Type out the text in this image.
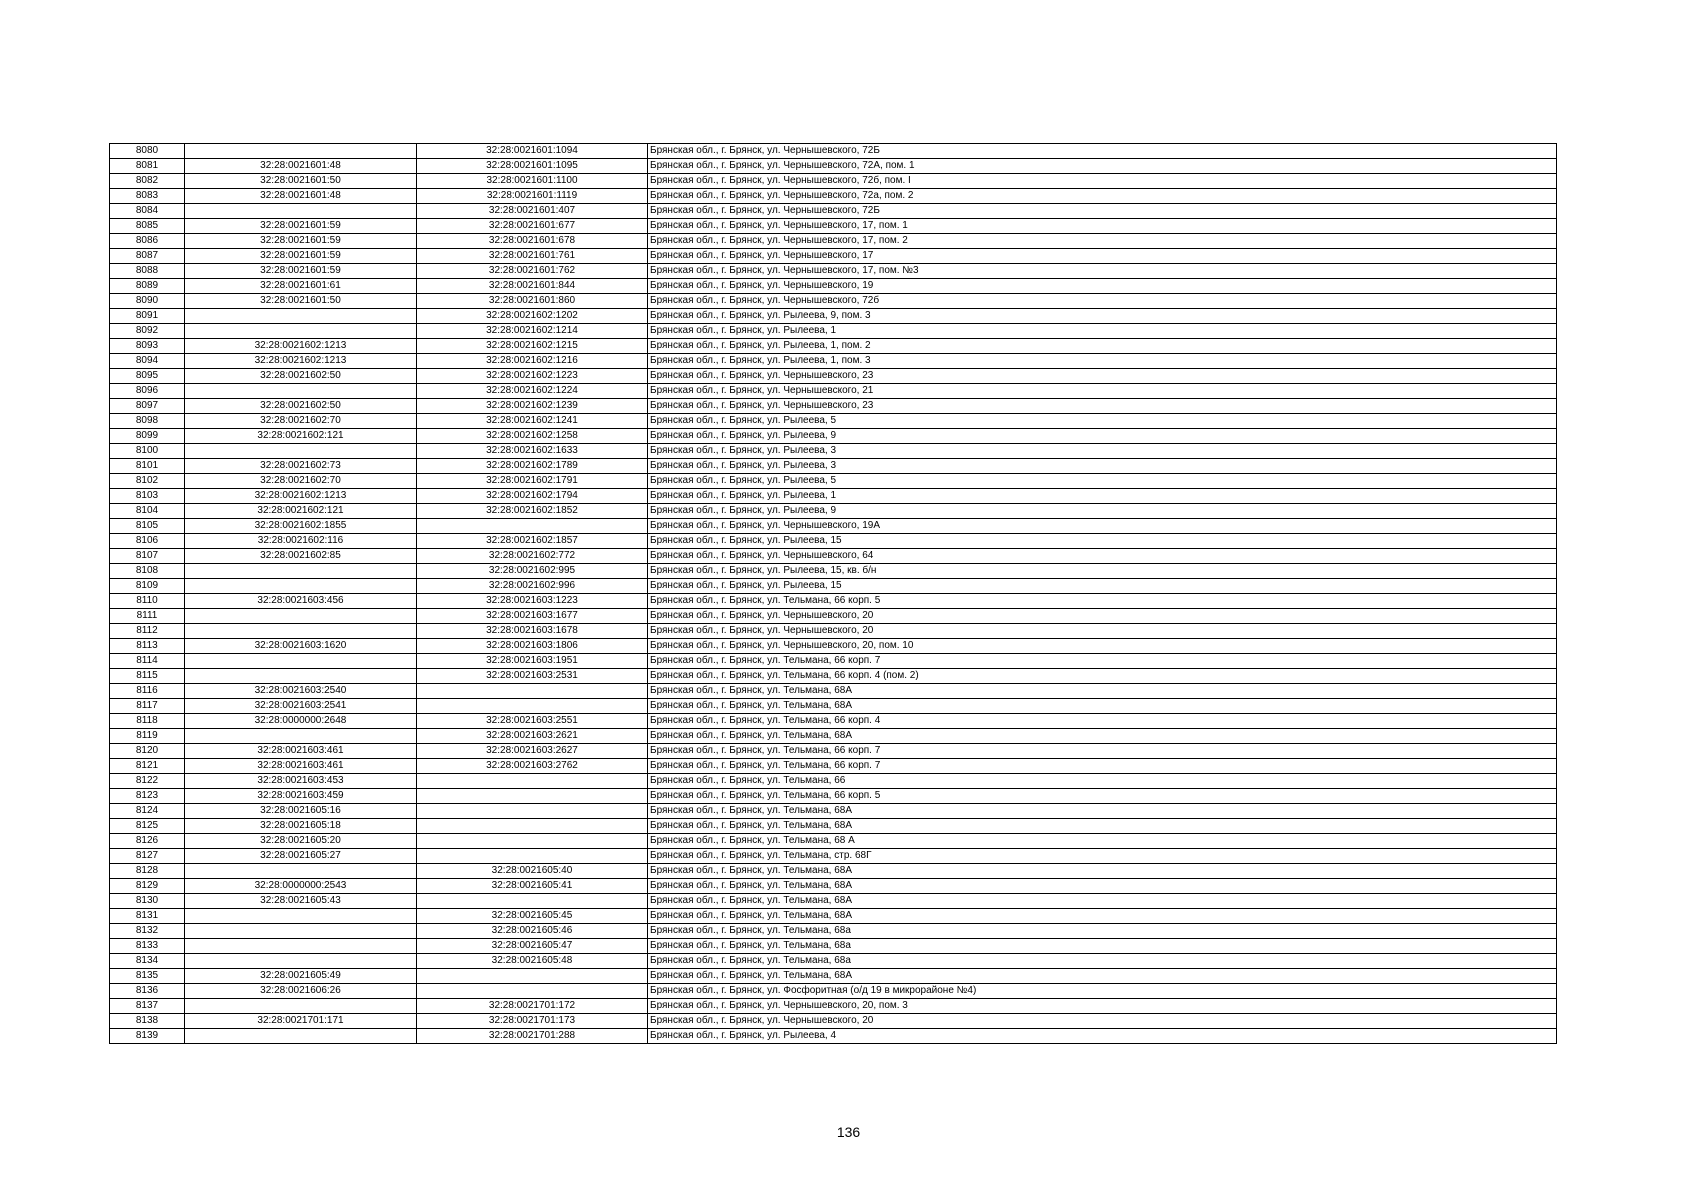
8080		32:28:0021601:1094	Брянская обл., г. Брянск, ул. Чернышевского, 72Б
8081	32:28:0021601:48	32:28:0021601:1095	Брянская обл., г. Брянск, ул. Чернышевского, 72А, пом. 1
8082	32:28:0021601:50	32:28:0021601:1100	Брянская обл., г. Брянск, ул. Чернышевского, 72б, пом. I
8083	32:28:0021601:48	32:28:0021601:1119	Брянская обл., г. Брянск, ул. Чернышевского, 72а, пом. 2
8084		32:28:0021601:407	Брянская обл., г. Брянск, ул. Чернышевского, 72Б
8085	32:28:0021601:59	32:28:0021601:677	Брянская обл., г. Брянск, ул. Чернышевского, 17, пом. 1
8086	32:28:0021601:59	32:28:0021601:678	Брянская обл., г. Брянск, ул. Чернышевского, 17, пом. 2
8087	32:28:0021601:59	32:28:0021601:761	Брянская обл., г. Брянск, ул. Чернышевского, 17
8088	32:28:0021601:59	32:28:0021601:762	Брянская обл., г. Брянск, ул. Чернышевского, 17, пом. №3
8089	32:28:0021601:61	32:28:0021601:844	Брянская обл., г. Брянск, ул. Чернышевского, 19
8090	32:28:0021601:50	32:28:0021601:860	Брянская обл., г. Брянск, ул. Чернышевского, 72б
8091		32:28:0021602:1202	Брянская обл., г. Брянск, ул. Рылеева, 9, пом. 3
8092		32:28:0021602:1214	Брянская обл., г. Брянск, ул. Рылеева, 1
8093	32:28:0021602:1213	32:28:0021602:1215	Брянская обл., г. Брянск, ул. Рылеева, 1, пом. 2
8094	32:28:0021602:1213	32:28:0021602:1216	Брянская обл., г. Брянск, ул. Рылеева, 1, пом. 3
8095	32:28:0021602:50	32:28:0021602:1223	Брянская обл., г. Брянск, ул. Чернышевского, 23
8096		32:28:0021602:1224	Брянская обл., г. Брянск, ул. Чернышевского, 21
8097	32:28:0021602:50	32:28:0021602:1239	Брянская обл., г. Брянск, ул. Чернышевского, 23
8098	32:28:0021602:70	32:28:0021602:1241	Брянская обл., г. Брянск, ул. Рылеева, 5
8099	32:28:0021602:121	32:28:0021602:1258	Брянская обл., г. Брянск, ул. Рылеева, 9
8100		32:28:0021602:1633	Брянская обл., г. Брянск, ул. Рылеева, 3
8101	32:28:0021602:73	32:28:0021602:1789	Брянская обл., г. Брянск, ул. Рылеева, 3
8102	32:28:0021602:70	32:28:0021602:1791	Брянская обл., г. Брянск, ул. Рылеева, 5
8103	32:28:0021602:1213	32:28:0021602:1794	Брянская обл., г. Брянск, ул. Рылеева, 1
8104	32:28:0021602:121	32:28:0021602:1852	Брянская обл., г. Брянск, ул. Рылеева, 9
8105	32:28:0021602:1855		Брянская обл., г. Брянск, ул. Чернышевского, 19А
8106	32:28:0021602:116	32:28:0021602:1857	Брянская обл., г. Брянск, ул. Рылеева, 15
8107	32:28:0021602:85	32:28:0021602:772	Брянская обл., г. Брянск, ул. Чернышевского, 64
8108		32:28:0021602:995	Брянская обл., г. Брянск, ул. Рылеева, 15, кв. б/н
8109		32:28:0021602:996	Брянская обл., г. Брянск, ул. Рылеева, 15
8110	32:28:0021603:456	32:28:0021603:1223	Брянская обл., г. Брянск, ул. Тельмана, 66 корп. 5
8111		32:28:0021603:1677	Брянская обл., г. Брянск, ул. Чернышевского, 20
8112		32:28:0021603:1678	Брянская обл., г. Брянск, ул. Чернышевского, 20
8113	32:28:0021603:1620	32:28:0021603:1806	Брянская обл., г. Брянск, ул. Чернышевского, 20, пом. 10
8114		32:28:0021603:1951	Брянская обл., г. Брянск, ул. Тельмана, 66 корп. 7
8115		32:28:0021603:2531	Брянская обл., г. Брянск, ул. Тельмана, 66 корп. 4 (пом. 2)
8116	32:28:0021603:2540		Брянская обл., г. Брянск, ул. Тельмана, 68А
8117	32:28:0021603:2541		Брянская обл., г. Брянск, ул. Тельмана, 68А
8118	32:28:0000000:2648	32:28:0021603:2551	Брянская обл., г. Брянск, ул. Тельмана, 66 корп. 4
8119		32:28:0021603:2621	Брянская обл., г. Брянск, ул. Тельмана, 68А
8120	32:28:0021603:461	32:28:0021603:2627	Брянская обл., г. Брянск, ул. Тельмана, 66 корп. 7
8121	32:28:0021603:461	32:28:0021603:2762	Брянская обл., г. Брянск, ул. Тельмана, 66 корп. 7
8122	32:28:0021603:453		Брянская обл., г. Брянск, ул. Тельмана, 66
8123	32:28:0021603:459		Брянская обл., г. Брянск, ул. Тельмана, 66 корп. 5
8124	32:28:0021605:16		Брянская обл., г. Брянск, ул. Тельмана, 68А
8125	32:28:0021605:18		Брянская обл., г. Брянск, ул. Тельмана, 68А
8126	32:28:0021605:20		Брянская обл., г. Брянск, ул. Тельмана, 68 А
8127	32:28:0021605:27		Брянская обл., г. Брянск, ул. Тельмана, стр. 68Г
8128		32:28:0021605:40	Брянская обл., г. Брянск, ул. Тельмана, 68А
8129	32:28:0000000:2543	32:28:0021605:41	Брянская обл., г. Брянск, ул. Тельмана, 68А
8130	32:28:0021605:43		Брянская обл., г. Брянск, ул. Тельмана, 68А
8131		32:28:0021605:45	Брянская обл., г. Брянск, ул. Тельмана, 68А
8132		32:28:0021605:46	Брянская обл., г. Брянск, ул. Тельмана, 68а
8133		32:28:0021605:47	Брянская обл., г. Брянск, ул. Тельмана, 68а
8134		32:28:0021605:48	Брянская обл., г. Брянск, ул. Тельмана, 68а
8135	32:28:0021605:49		Брянская обл., г. Брянск, ул. Тельмана, 68А
8136	32:28:0021606:26		Брянская обл., г. Брянск, ул. Фосфоритная (о/д 19 в микрорайоне №4)
8137		32:28:0021701:172	Брянская обл., г. Брянск, ул. Чернышевского, 20, пом. 3
8138	32:28:0021701:171	32:28:0021701:173	Брянская обл., г. Брянск, ул. Чернышевского, 20
8139		32:28:0021701:288	Брянская обл., г. Брянск, ул. Рылеева, 4
136
